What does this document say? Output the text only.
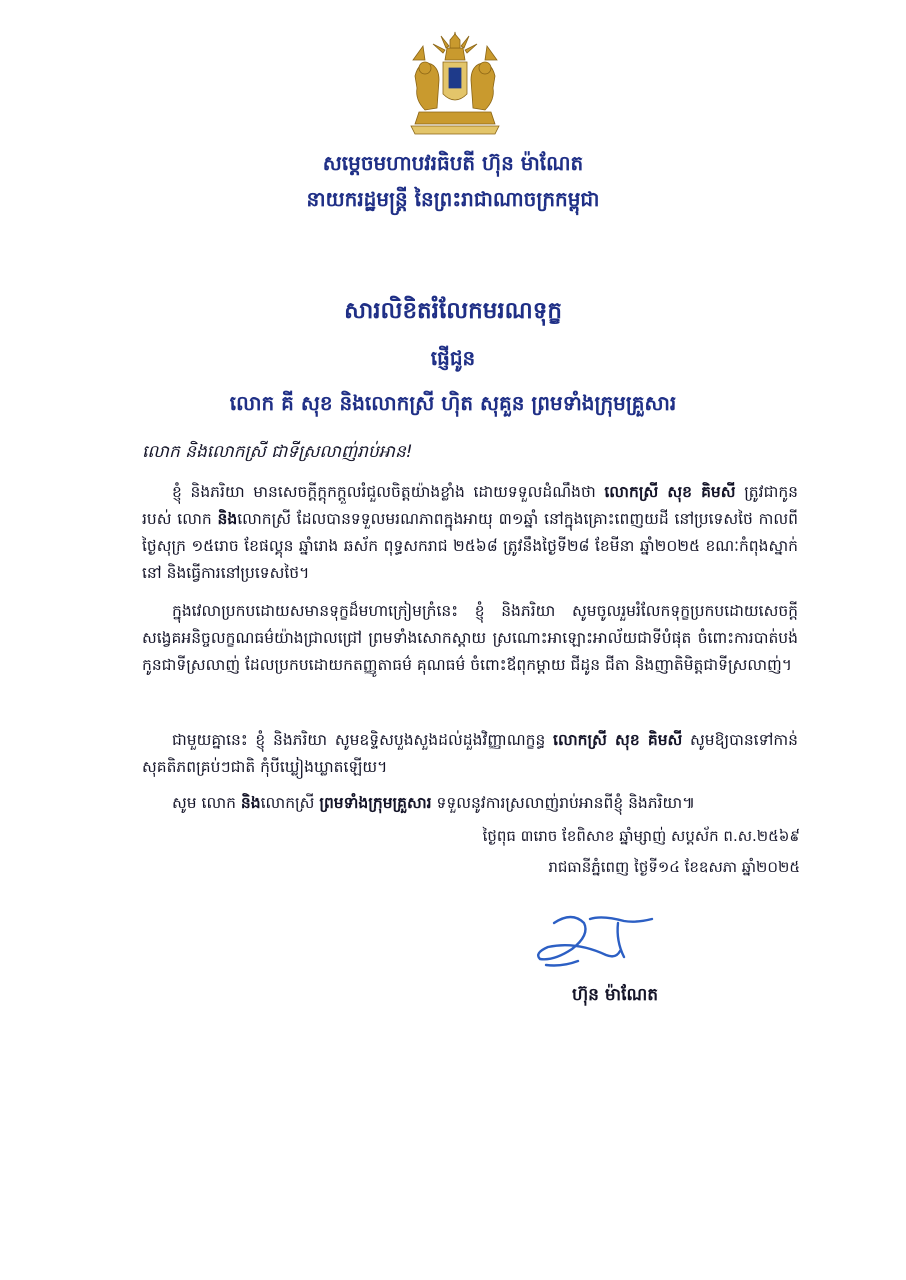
សម្ដេចមហាបវរធិបតី ហ៊ុន ម៉ាណែត
នាយករដ្ឋមន្ត្រី នៃព្រះរាជាណាចក្រកម្ពុជា
សារលិខិតរំលែកមរណទុក្ខ
ផ្ញើជូន
លោក គី សុខ និងលោកស្រី ហ៊ិត សុគួន ព្រមទាំងក្រុមគ្រួសារ
លោក និងលោកស្រី ជាទីស្រលាញ់រាប់អាន!
ខ្ញុំ និងភរិយា មានសេចក្ដីក្ដុកក្ដួលរំជួលចិត្តយ៉ាងខ្លាំង ដោយទទួលដំណឹងថា លោកស្រី សុខ គិមសី ត្រូវជាកូនរបស់ លោក និងលោកស្រី ដែលបានទទួលមរណភាពក្នុងអាយុ ៣១ឆ្នាំ នៅក្នុងគ្រោះពេញយដី នៅប្រទេសថៃ កាលពីថ្ងៃសុក្រ ១៥រោច ខែផល្គុន ឆ្នាំរោង ឆស័ក ពុទ្ធសករាជ ២៥៦៨ ត្រូវនឹងថ្ងៃទី២៨ ខែមីនា ឆ្នាំ២០២៥ ខណៈកំពុងស្នាក់នៅ និងធ្វើការនៅប្រទេសថៃ។
ក្នុងវេលាប្រកបដោយសមានទុក្ខដ៏មហាក្រៀមក្រំនេះ ខ្ញុំ និងភរិយា សូមចូលរួមរំលែកទុក្ខប្រកបដោយសេចក្ដីសង្វេគអនិច្ចលក្ខណធម៌យ៉ាងជ្រាលជ្រៅ ព្រមទាំងសោកស្ដាយ ស្រណោះអាឡោះអាល័យជាទីបំផុត ចំពោះការបាត់បង់កូនជាទីស្រលាញ់ ដែលប្រកបដោយកតញ្ញូតាធម៌ គុណធម៌ ចំពោះឪពុកម្ដាយ ជីដូន ជីតា និងញាតិមិត្តជាទីស្រលាញ់។
ជាមួយគ្នានេះ ខ្ញុំ និងភរិយា សូមឧទ្ទិសបួងសួងដល់ដួងវិញ្ញាណក្ខន្ធ លោកស្រី សុខ គិមសី សូមឱ្យបានទៅកាន់សុគតិភពគ្រប់ៗជាតិ កុំបីឃ្លៀងឃ្លាតឡើយ។
សូម លោក និងលោកស្រី ព្រមទាំងក្រុមគ្រួសារ ទទួលនូវការស្រលាញ់រាប់អានពីខ្ញុំ និងភរិយា៕
ថ្ងៃពុធ ៣រោច ខែពិសាខ ឆ្នាំម្សាញ់ សប្តស័ក ព.ស.២៥៦៩
រាជធានីភ្នំពេញ ថ្ងៃទី១៤ ខែឧសភា ឆ្នាំ២០២៥
ហ៊ុន ម៉ាណែត
